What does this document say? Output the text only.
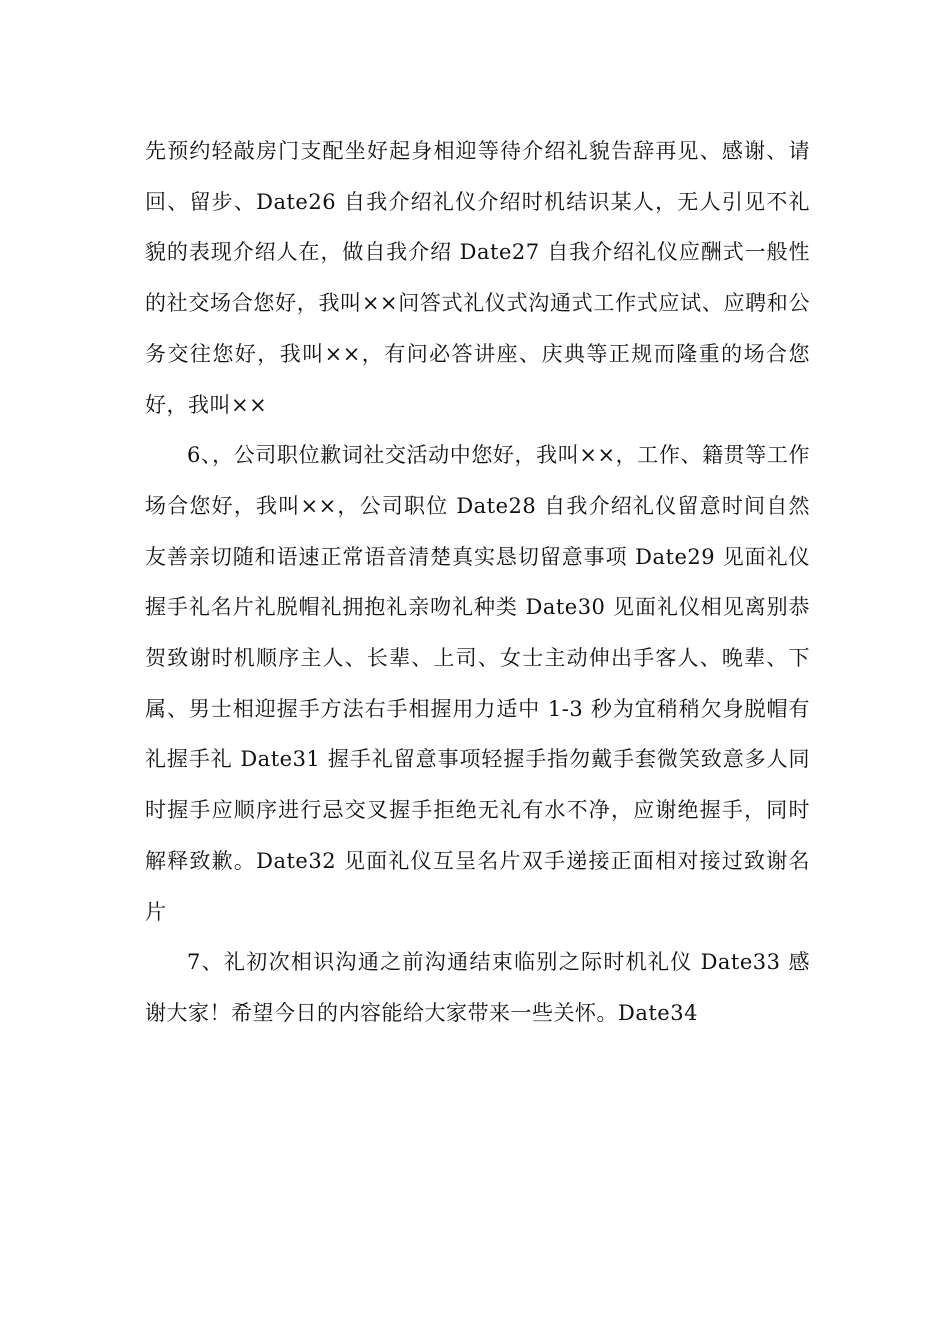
先预约轻敲房门支配坐好起身相迎等待介绍礼貌告辞再见、感谢、请回、留步、Date26 自我介绍礼仪介绍时机结识某人，无人引见不礼貌的表现介绍人在，做自我介绍 Date27 自我介绍礼仪应酬式一般性的社交场合您好，我叫××问答式礼仪式沟通式工作式应试、应聘和公务交往您好，我叫××，有问必答讲座、庆典等正规而隆重的场合您好，我叫××

6、，公司职位歉词社交活动中您好，我叫××，工作、籍贯等工作场合您好，我叫××，公司职位 Date28 自我介绍礼仪留意时间自然友善亲切随和语速正常语音清楚真实恳切留意事项 Date29 见面礼仪握手礼名片礼脱帽礼拥抱礼亲吻礼种类 Date30 见面礼仪相见离别恭贺致谢时机顺序主人、长辈、上司、女士主动伸出手客人、晚辈、下属、男士相迎握手方法右手相握用力适中 1-3 秒为宜稍稍欠身脱帽有礼握手礼 Date31 握手礼留意事项轻握手指勿戴手套微笑致意多人同时握手应顺序进行忌交叉握手拒绝无礼有水不净，应谢绝握手，同时解释致歉。Date32 见面礼仪互呈名片双手递接正面相对接过致谢名片

7、礼初次相识沟通之前沟通结束临别之际时机礼仪 Date33 感谢大家！希望今日的内容能给大家带来一些关怀。Date34
